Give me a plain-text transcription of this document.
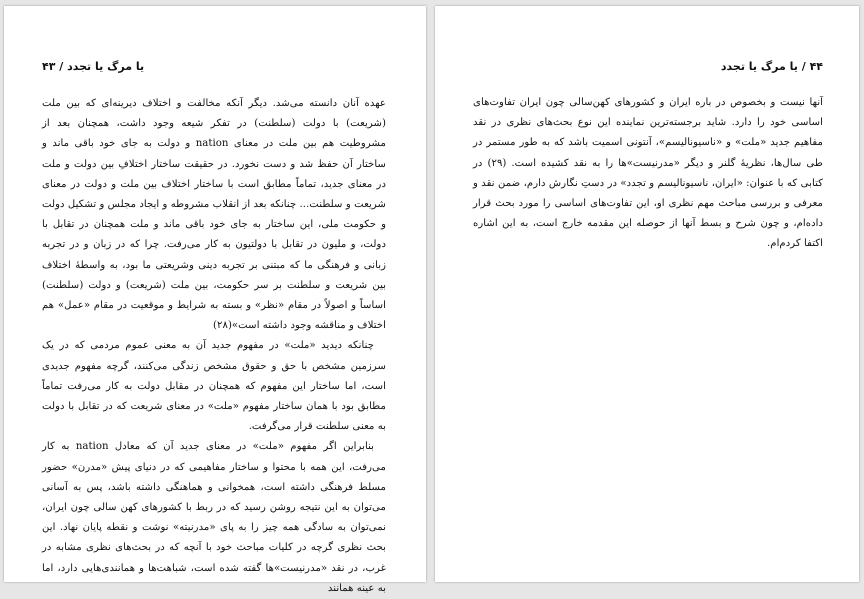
یا مرگ یا تجدد / ۴۳

عهده آنان دانسته می‌شد. دیگر آنکه مخالفت و اختلاف دیرینه‌ای که بین ملت (شریعت) با دولت (سلطنت) در تفکر شیعه وجود داشت، همچنان بعد از مشروطیت هم بین ملت در معنای nation و دولت به جای خود باقی ماند و ساختار آن حفظ شد و دست نخورد. در حقیقت ساختار اختلافِ بین دولت و ملت در معنای جدید، تماماً مطابق است با ساختار اختلاف بین ملت و دولت در معنای شریعت و سلطنت... چنانکه بعد از انقلاب مشروطه و ایجاد مجلس و تشکیل دولت و حکومت ملی، این ساختار به جای خود باقی ماند و ملت همچنان در تقابل با دولت، و ملیون در تقابل با دولتیون به کار می‌رفت. چرا که در زبان و در تجربه زبانی و فرهنگی ما که مبتنی بر تجربه دینی وشریعتی ما بود، به واسطهٔ اختلاف بین شریعت و سلطنت بر سر حکومت، بین ملت (شریعت) و دولت (سلطنت) اساساً و اصولاً در مقام «نظر» و بسته به شرایط و موقعیت در مقام «عمل» هم اختلاف و مناقشه وجود داشته است»(۲۸)

چنانکه دیدید «ملت» در مفهوم جدید آن به معنی عموم مردمی که در یک سرزمین مشخص با حق و حقوق مشخص زندگی می‌کنند، گرچه مفهوم جدیدی است، اما ساختار این مفهوم که همچنان در مقابل دولت به کار می‌رفت تماماً مطابق بود با همان ساختار مفهوم «ملت» در معنای شریعت که در تقابل با دولت به معنی سلطنت قرار می‌گرفت.

بنابراین اگر مفهوم «ملت» در معنای جدید آن که معادل nation به کار می‌رفت، این همه با محتوا و ساختار مفاهیمی که در دنیای پیش «مدرن» حضور مسلط فرهنگی داشته است، همخوانی و هماهنگی داشته باشد، پس به آسانی می‌توان به این نتیجه روشن رسید که در ربط با کشورهای کهن سالی چون ایران، نمی‌توان به سادگی همه چیز را به پای «مدرنیته» نوشت و نقطه پایان نهاد. این بحث نظری گرچه در کلیات مباحث خود با آنچه که در بحث‌های نظری مشابه در غرب، در نقد «مدرنیست»ها گفته شده است، شباهت‌ها و همانندی‌هایی دارد، اما به عینه همانند

۴۴ / یا مرگ یا تجدد

آنها نیست و بخصوص در باره ایران و کشورهای کهن‌سالی چون ایران تفاوت‌های اساسی خود را دارد. شاید برجسته‌ترین نماینده این نوع بحث‌های نظری در نقد مفاهیم جدید «ملت» و «ناسیونالیسم»، آنتونی اسمیت باشد که به طور مستمر در طی سال‌ها، نظریهٔ گلنر و دیگر «مدرنیست»ها را به نقد کشیده است. (۲۹) در کتابی که با عنوان: «ایران، ناسیونالیسم و تجدد» در دستِ نگارش دارم، ضمن نقد و معرفی و بررسی مباحث مهم نظری او، این تفاوت‌های اساسی را مورد بحث قرار داده‌ام، و چون شرح و بسط آنها از حوصله این مقدمه خارج است، به این اشاره اکتفا کردم‌ام.
